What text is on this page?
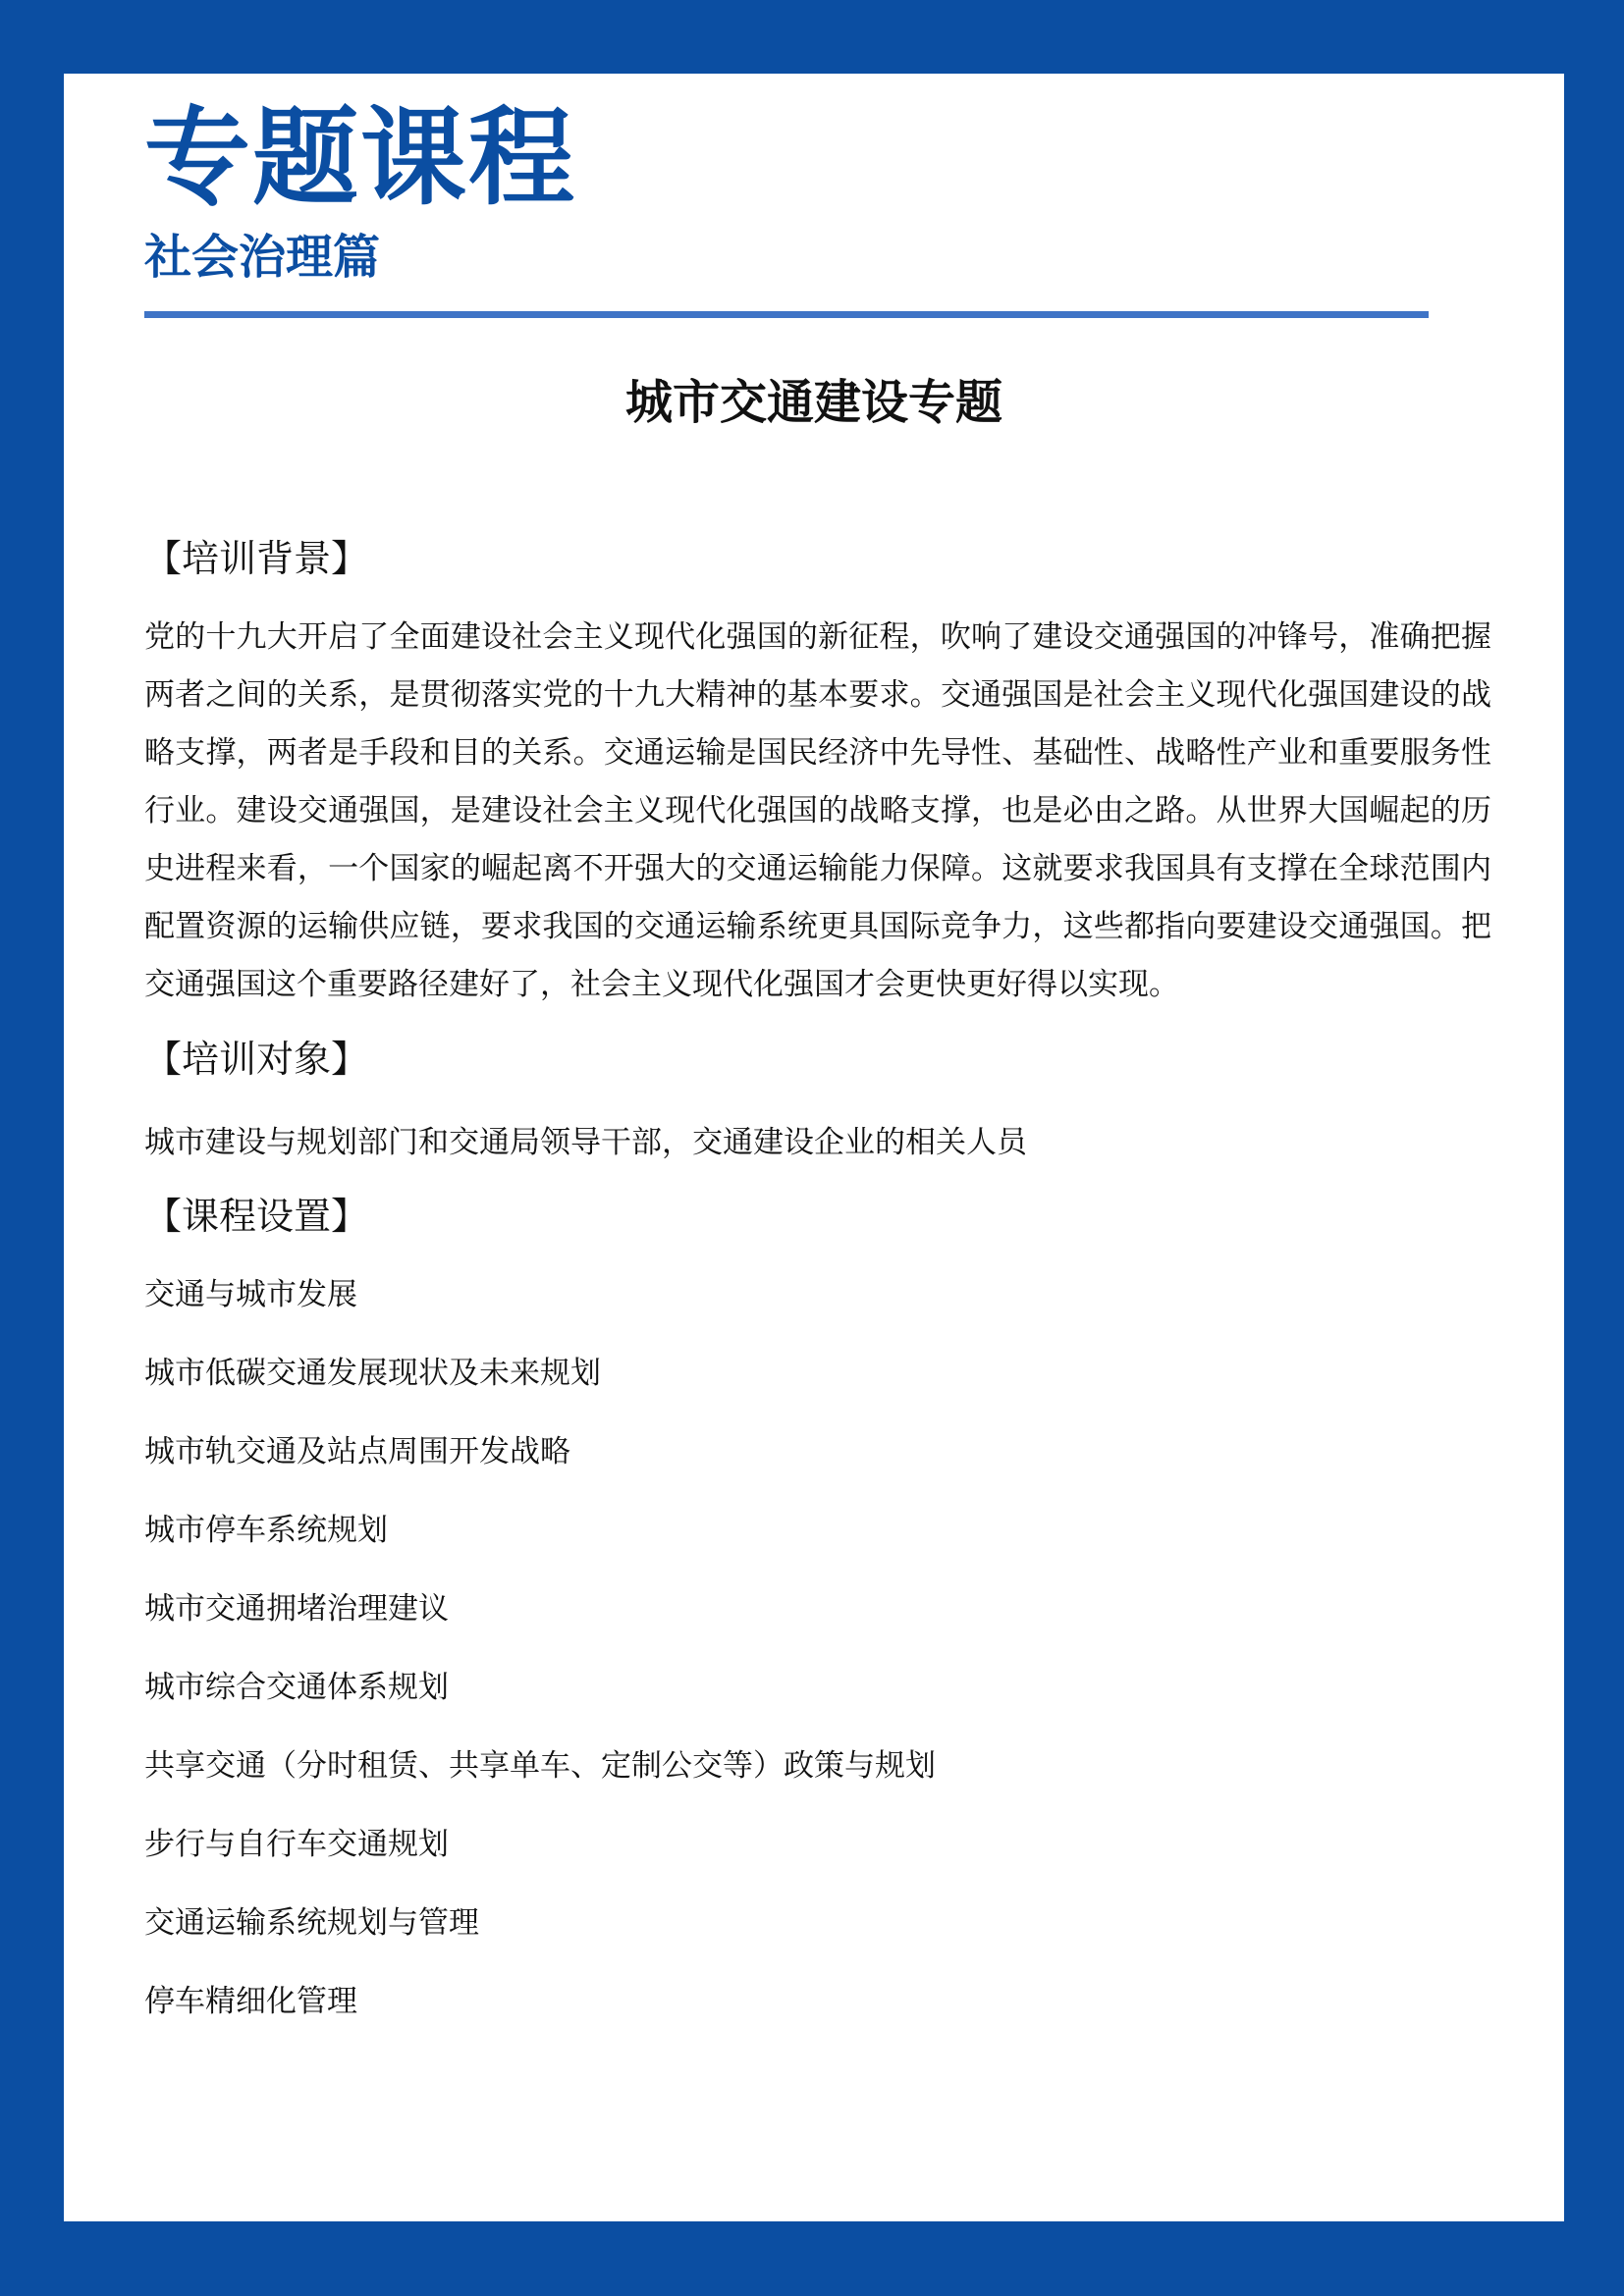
专题课程
社会治理篇
城市交通建设专题
【培训背景】

党的十九大开启了全面建设社会主义现代化强国的新征程，吹响了建设交通强国的冲锋号，准确把握两者之间的关系，是贯彻落实党的十九大精神的基本要求。交通强国是社会主义现代化强国建设的战略支撑，两者是手段和目的关系。交通运输是国民经济中先导性、基础性、战略性产业和重要服务性行业。建设交通强国，是建设社会主义现代化强国的战略支撑，也是必由之路。从世界大国崛起的历史进程来看，一个国家的崛起离不开强大的交通运输能力保障。这就要求我国具有支撑在全球范围内配置资源的运输供应链，要求我国的交通运输系统更具国际竞争力，这些都指向要建设交通强国。把交通强国这个重要路径建好了，社会主义现代化强国才会更快更好得以实现。

【培训对象】

城市建设与规划部门和交通局领导干部，交通建设企业的相关人员

【课程设置】
交通与城市发展
城市低碳交通发展现状及未来规划
城市轨交通及站点周围开发战略
城市停车系统规划
城市交通拥堵治理建议
城市综合交通体系规划
共享交通（分时租赁、共享单车、定制公交等）政策与规划
步行与自行车交通规划
交通运输系统规划与管理
停车精细化管理
